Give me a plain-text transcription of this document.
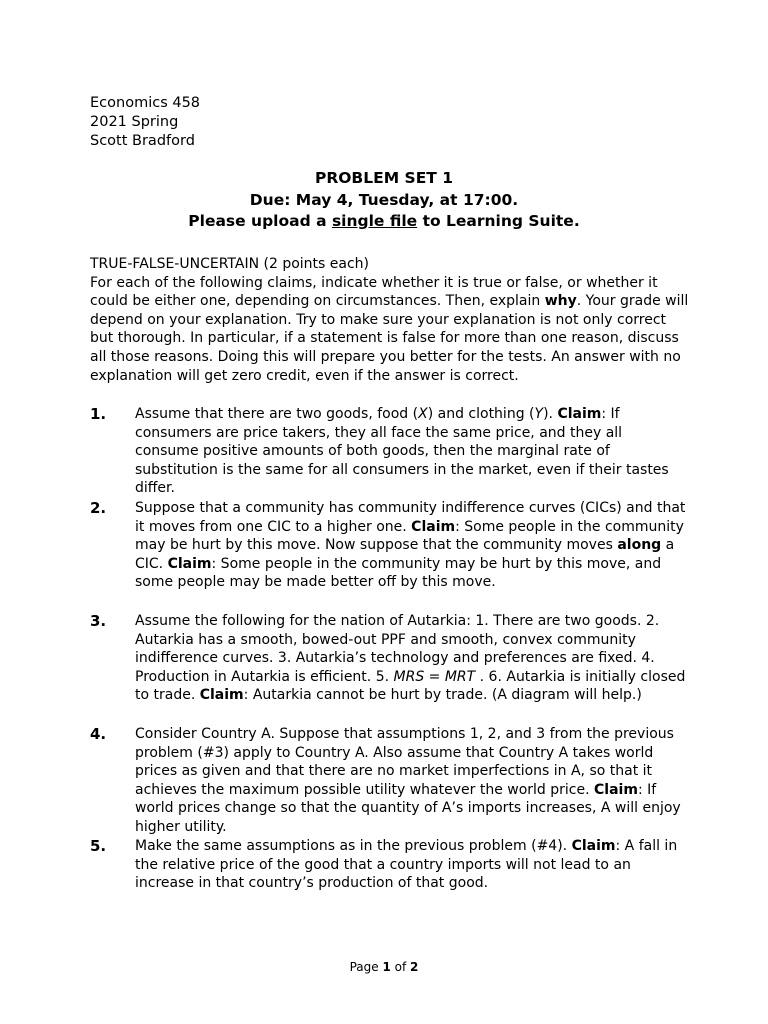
Economics 458
2021 Spring
Scott Bradford
PROBLEM SET 1
Due: May 4, Tuesday, at 17:00.
Please upload a single file to Learning Suite.

TRUE-FALSE-UNCERTAIN (2 points each)

For each of the following claims, indicate whether it is true or false, or whether it could be either one, depending on circumstances. Then, explain why. Your grade will depend on your explanation. Try to make sure your explanation is not only correct but thorough. In particular, if a statement is false for more than one reason, discuss all those reasons. Doing this will prepare you better for the tests. An answer with no explanation will get zero credit, even if the answer is correct.

1. Assume that there are two goods, food (X) and clothing (Y). Claim: If consumers are price takers, they all face the same price, and they all consume positive amounts of both goods, then the marginal rate of substitution is the same for all consumers in the market, even if their tastes differ.
2. Suppose that a community has community indifference curves (CICs) and that it moves from one CIC to a higher one. Claim: Some people in the community may be hurt by this move. Now suppose that the community moves along a CIC. Claim: Some people in the community may be hurt by this move, and some people may be made better off by this move.
3. Assume the following for the nation of Autarkia: 1. There are two goods. 2. Autarkia has a smooth, bowed-out PPF and smooth, convex community indifference curves. 3. Autarkia’s technology and preferences are fixed. 4. Production in Autarkia is efficient. 5. MRS = MRT . 6. Autarkia is initially closed to trade. Claim: Autarkia cannot be hurt by trade. (A diagram will help.)
4. Consider Country A. Suppose that assumptions 1, 2, and 3 from the previous problem (#3) apply to Country A. Also assume that Country A takes world prices as given and that there are no market imperfections in A, so that it achieves the maximum possible utility whatever the world price. Claim: If world prices change so that the quantity of A’s imports increases, A will enjoy higher utility.
5. Make the same assumptions as in the previous problem (#4). Claim: A fall in the relative price of the good that a country imports will not lead to an increase in that country’s production of that good.
Page 1 of 2
